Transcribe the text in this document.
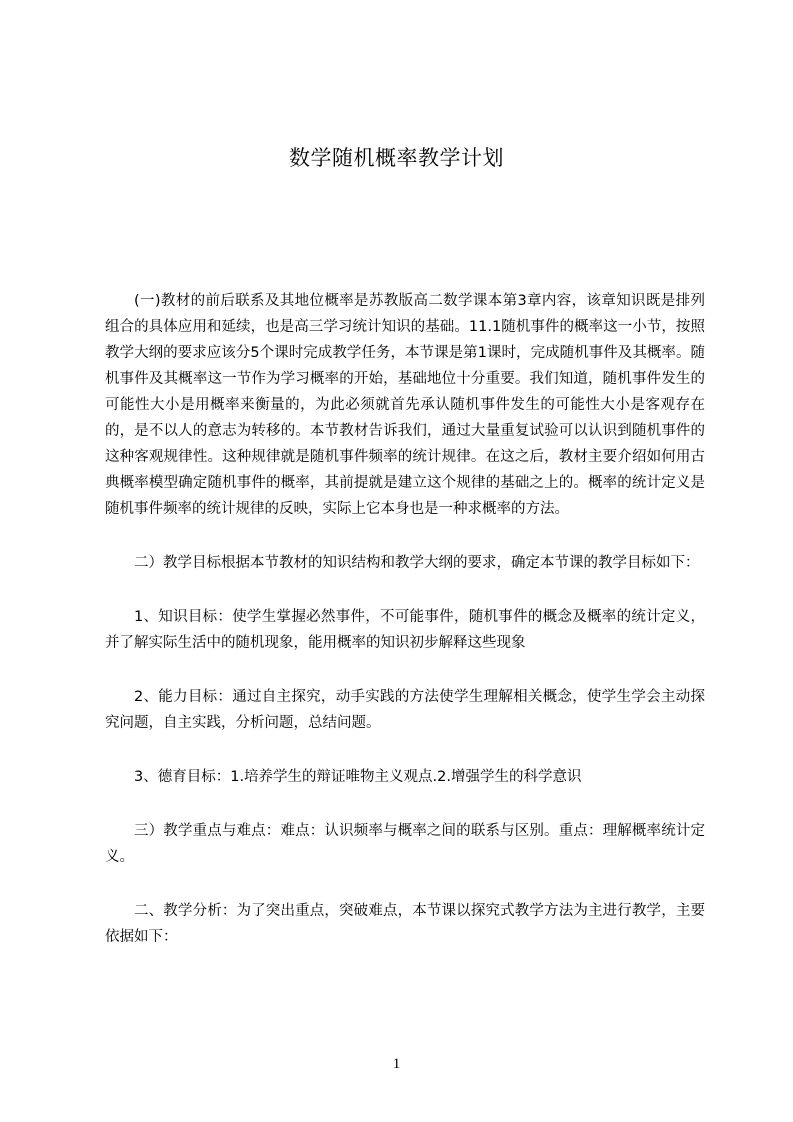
数学随机概率教学计划

(一)教材的前后联系及其地位概率是苏教版高二数学课本第3章内容，该章知识既是排列组合的具体应用和延续，也是高三学习统计知识的基础。11.1随机事件的概率这一小节，按照教学大纲的要求应该分5个课时完成教学任务，本节课是第1课时，完成随机事件及其概率。随机事件及其概率这一节作为学习概率的开始，基础地位十分重要。我们知道，随机事件发生的可能性大小是用概率来衡量的，为此必须就首先承认随机事件发生的可能性大小是客观存在的，是不以人的意志为转移的。本节教材告诉我们，通过大量重复试验可以认识到随机事件的这种客观规律性。这种规律就是随机事件频率的统计规律。在这之后，教材主要介绍如何用古典概率模型确定随机事件的概率，其前提就是建立这个规律的基础之上的。概率的统计定义是随机事件频率的统计规律的反映，实际上它本身也是一种求概率的方法。

二）教学目标根据本节教材的知识结构和教学大纲的要求，确定本节课的教学目标如下：

1、知识目标：使学生掌握必然事件，不可能事件，随机事件的概念及概率的统计定义，并了解实际生活中的随机现象，能用概率的知识初步解释这些现象

2、能力目标：通过自主探究，动手实践的方法使学生理解相关概念，使学生学会主动探究问题，自主实践，分析问题，总结问题。

3、德育目标：1.培养学生的辩证唯物主义观点.2.增强学生的科学意识

三）教学重点与难点：难点：认识频率与概率之间的联系与区别。重点：理解概率统计定义。

二、教学分析：为了突出重点，突破难点，本节课以探究式教学方法为主进行教学，主要依据如下：

1
